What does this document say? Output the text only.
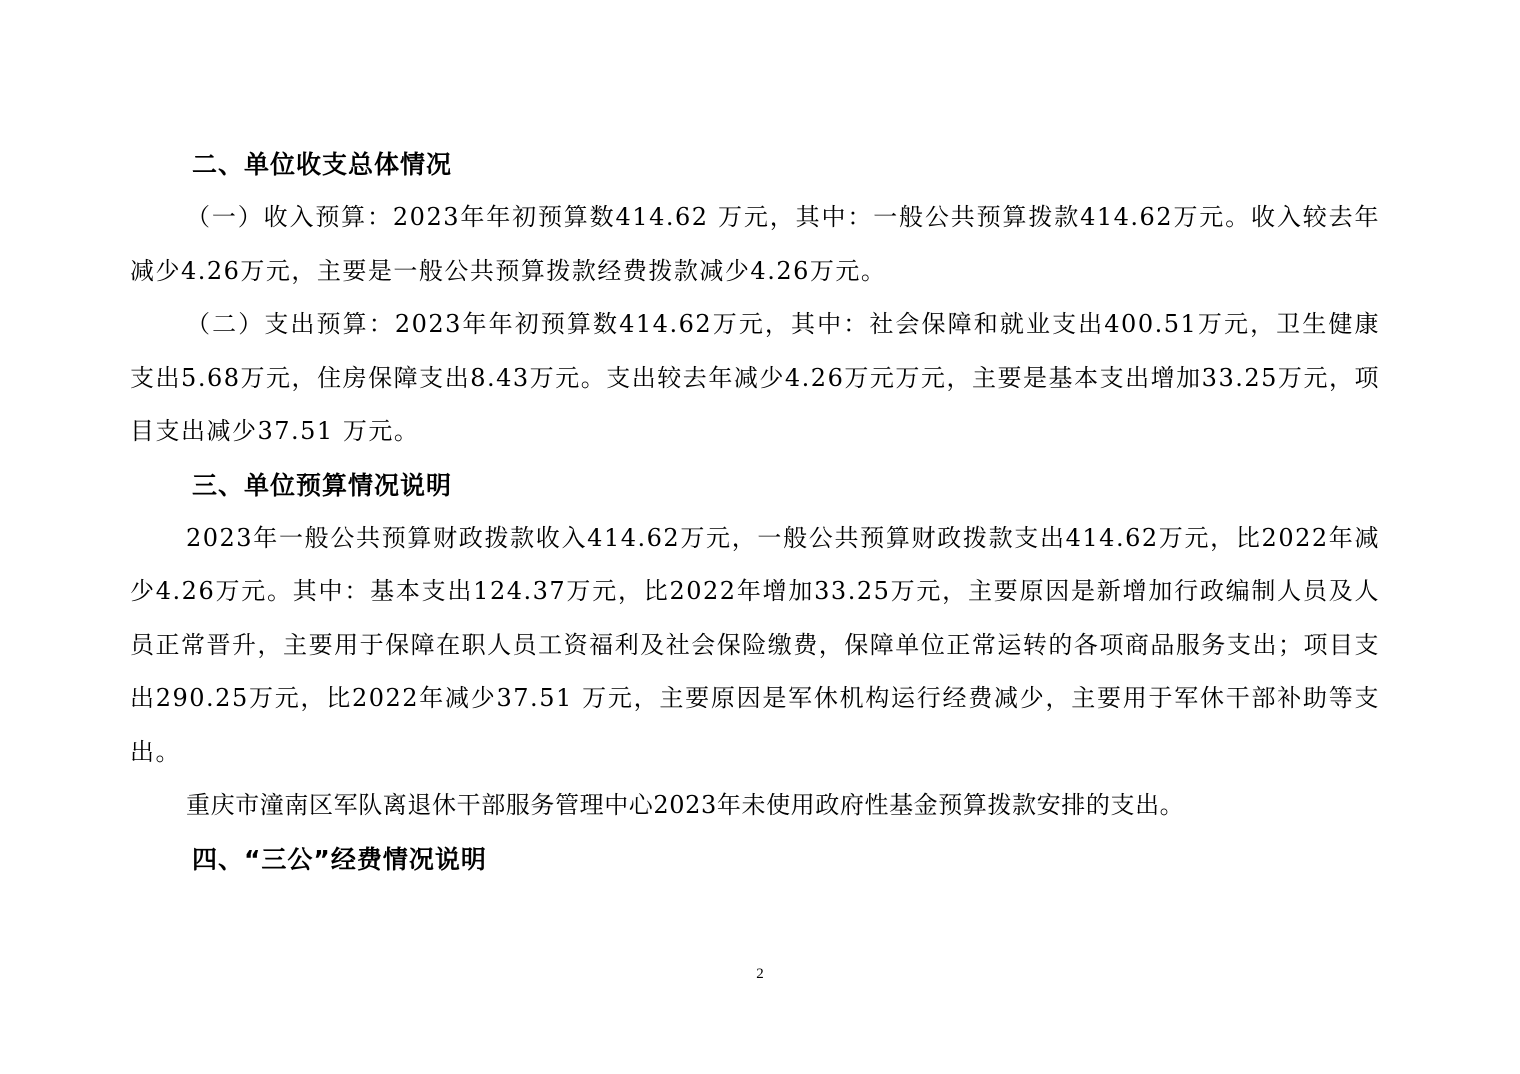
二、单位收支总体情况

（一）收入预算：2023年年初预算数414.62 万元，其中：一般公共预算拨款414.62万元。收入较去年减少4.26万元，主要是一般公共预算拨款经费拨款减少4.26万元。

（二）支出预算：2023年年初预算数414.62万元，其中：社会保障和就业支出400.51万元，卫生健康支出5.68万元，住房保障支出8.43万元。支出较去年减少4.26万元万元，主要是基本支出增加33.25万元，项目支出减少37.51 万元。

三、单位预算情况说明

2023年一般公共预算财政拨款收入414.62万元，一般公共预算财政拨款支出414.62万元，比2022年减少4.26万元。其中：基本支出124.37万元，比2022年增加33.25万元，主要原因是新增加行政编制人员及人员正常晋升，主要用于保障在职人员工资福利及社会保险缴费，保障单位正常运转的各项商品服务支出；项目支出290.25万元，比2022年减少37.51 万元，主要原因是军休机构运行经费减少，主要用于军休干部补助等支出。

重庆市潼南区军队离退休干部服务管理中心2023年未使用政府性基金预算拨款安排的支出。

四、“三公”经费情况说明

2
